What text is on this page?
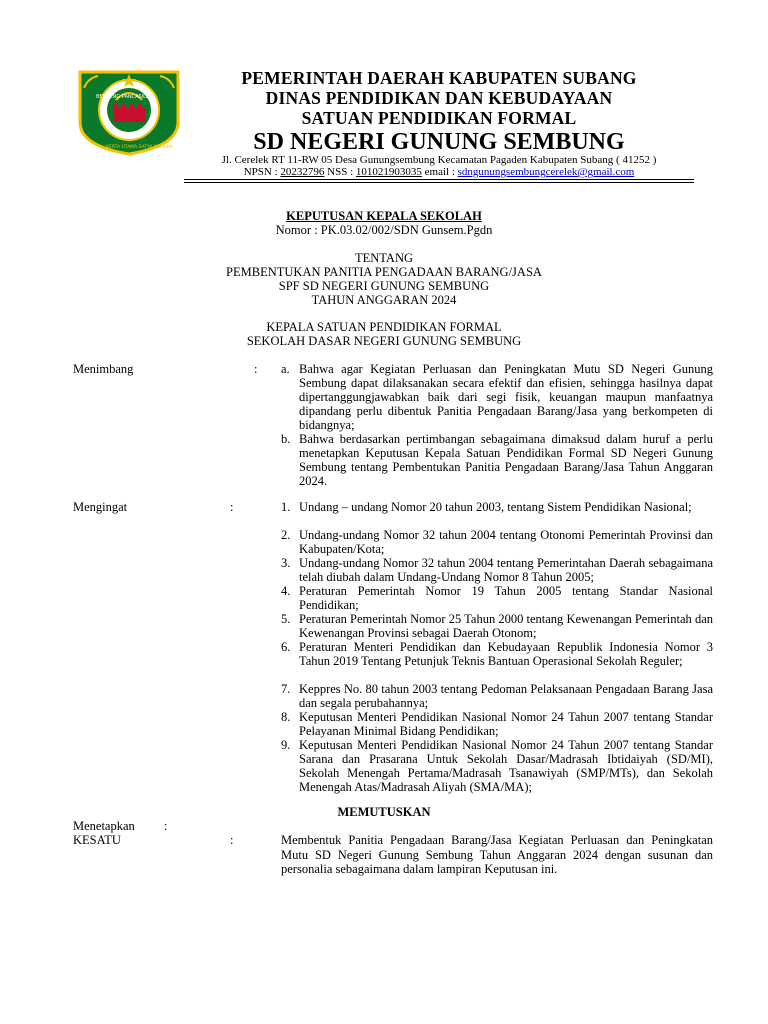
BENTENG PANCASILA
KERTA UTAMA SATYA NEGARA
PEMERINTAH DAERAH KABUPATEN SUBANG
DINAS PENDIDIKAN DAN KEBUDAYAAN
SATUAN PENDIDIKAN FORMAL
SD NEGERI GUNUNG SEMBUNG
Jl. Cerelek RT 11-RW 05 Desa Gunungsembung Kecamatan Pagaden Kabupaten Subang ( 41252 )
NPSN : 20232796 NSS : 101021903035 email : sdngunungsembungcerelek@gmail.com
KEPUTUSAN KEPALA SEKOLAH
Nomor : PK.03.02/002/SDN Gunsem.Pgdn
TENTANG
PEMBENTUKAN PANITIA PENGADAAN BARANG/JASA
SPF SD NEGERI GUNUNG SEMBUNG
TAHUN ANGGARAN 2024
KEPALA SATUAN PENDIDIKAN FORMAL
SEKOLAH DASAR NEGERI GUNUNG SEMBUNG
Menimbang	: a. Bahwa agar Kegiatan Perluasan dan Peningkatan Mutu SD Negeri Gunung Sembung dapat dilaksanakan secara efektif dan efisien, sehingga hasilnya dapat dipertanggungjawabkan baik dari segi fisik, keuangan maupun manfaatnya dipandang perlu dibentuk Panitia Pengadaan Barang/Jasa yang berkompeten di bidangnya;
b. Bahwa berdasarkan pertimbangan sebagaimana dimaksud dalam huruf a perlu menetapkan Keputusan Kepala Satuan Pendidikan Formal SD Negeri Gunung Sembung tentang Pembentukan Panitia Pengadaan Barang/Jasa Tahun Anggaran 2024.
Mengingat	:	1. Undang – undang Nomor 20 tahun 2003, tentang Sistem Pendidikan Nasional;
2. Undang-undang Nomor 32 tahun 2004 tentang Otonomi Pemerintah Provinsi dan Kabupaten/Kota;
3. Undang-undang Nomor 32 tahun 2004 tentang Pemerintahan Daerah sebagaimana telah diubah dalam Undang-Undang Nomor 8 Tahun 2005;
4. Peraturan Pemerintah Nomor 19 Tahun 2005 tentang Standar Nasional Pendidikan;
5. Peraturan Pemerintah Nomor 25 Tahun 2000 tentang Kewenangan Pemerintah dan Kewenangan Provinsi sebagai Daerah Otonom;
6. Peraturan Menteri Pendidikan dan Kebudayaan Republik Indonesia Nomor 3 Tahun 2019 Tentang Petunjuk Teknis Bantuan Operasional Sekolah Reguler;
7. Keppres No. 80 tahun 2003 tentang Pedoman Pelaksanaan Pengadaan Barang Jasa dan segala perubahannya;
8. Keputusan Menteri Pendidikan Nasional Nomor 24 Tahun 2007 tentang Standar Pelayanan Minimal Bidang Pendidikan;
9. Keputusan Menteri Pendidikan Nasional Nomor 24 Tahun 2007 tentang Standar Sarana dan Prasarana Untuk Sekolah Dasar/Madrasah Ibtidaiyah (SD/MI), Sekolah Menengah Pertama/Madrasah Tsanawiyah (SMP/MTs), dan Sekolah Menengah Atas/Madrasah Aliyah (SMA/MA);
MEMUTUSKAN
Menetapkan :
KESATU	:	Membentuk Panitia Pengadaan Barang/Jasa Kegiatan Perluasan dan Peningkatan Mutu SD Negeri Gunung Sembung Tahun Anggaran 2024 dengan susunan dan personalia sebagaimana dalam lampiran Keputusan ini.
